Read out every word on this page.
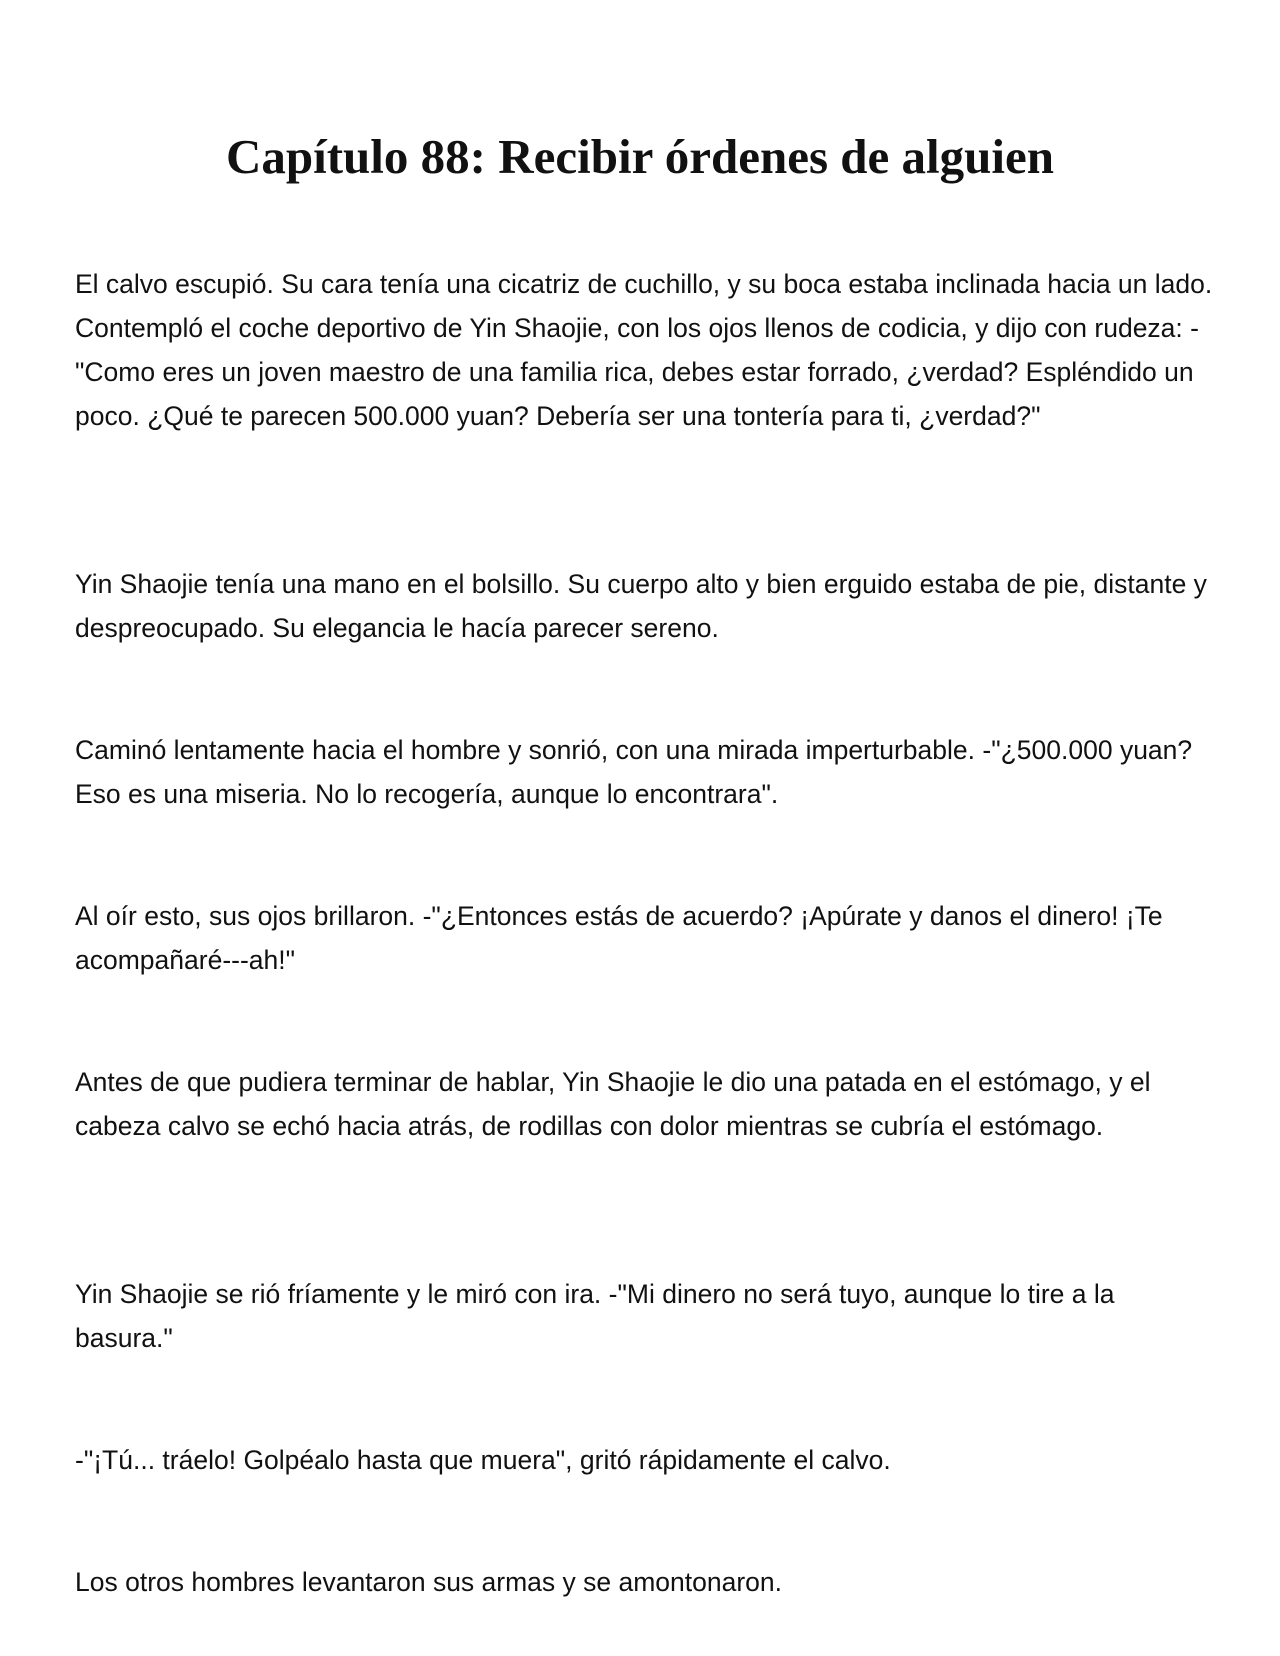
Capítulo 88: Recibir órdenes de alguien

El calvo escupió. Su cara tenía una cicatriz de cuchillo, y su boca estaba inclinada hacia un lado. Contempló el coche deportivo de Yin Shaojie, con los ojos llenos de codicia, y dijo con rudeza: -"Como eres un joven maestro de una familia rica, debes estar forrado, ¿verdad? Espléndido un poco. ¿Qué te parecen 500.000 yuan? Debería ser una tontería para ti, ¿verdad?"

Yin Shaojie tenía una mano en el bolsillo. Su cuerpo alto y bien erguido estaba de pie, distante y despreocupado. Su elegancia le hacía parecer sereno.

Caminó lentamente hacia el hombre y sonrió, con una mirada imperturbable. -"¿500.000 yuan? Eso es una miseria. No lo recogería, aunque lo encontrara".

Al oír esto, sus ojos brillaron. -"¿Entonces estás de acuerdo? ¡Apúrate y danos el dinero! ¡Te acompañaré---ah!"

Antes de que pudiera terminar de hablar, Yin Shaojie le dio una patada en el estómago, y el cabeza calvo se echó hacia atrás, de rodillas con dolor mientras se cubría el estómago.

Yin Shaojie se rió fríamente y le miró con ira. -"Mi dinero no será tuyo, aunque lo tire a la basura."

-"¡Tú... tráelo! Golpéalo hasta que muera", gritó rápidamente el calvo.

Los otros hombres levantaron sus armas y se amontonaron.
